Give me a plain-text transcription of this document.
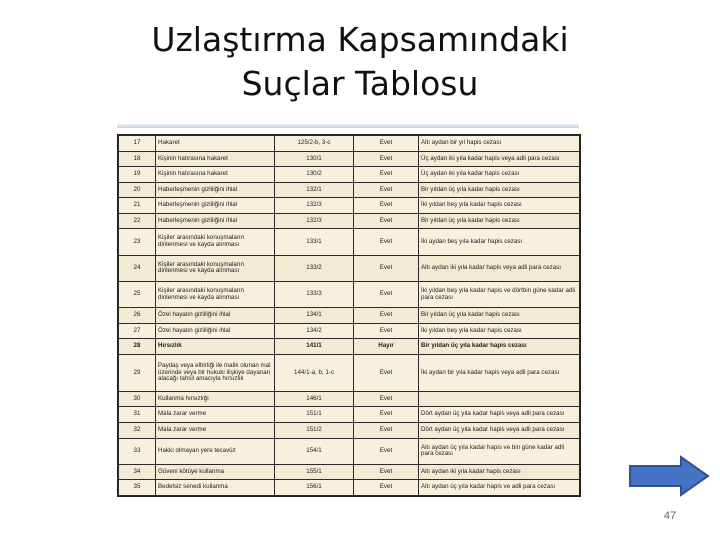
Uzlaştırma Kapsamındaki
Suçlar Tablosu
17	Hakaret	125/2-b, 3-c	Evet	Altı aydan bir yıl hapis cezası
18	Kişinin hatırasına hakaret	130/1	Evet	Üç aydan iki yıla kadar hapis veya adli para cezası
19	Kişinin hatırasına hakaret	130/2	Evet	Üç aydan iki yıla kadar hapis cezası
20	Haberleşmenin gizliliğini ihlal	132/1	Evet	Bir yıldan üç yıla kadar hapis cezası
21	Haberleşmenin gizliliğini ihlal	132/3	Evet	İki yıldan beş yıla kadar hapis cezası
22	Haberleşmenin gizliliğini ihlal	132/3	Evet	Bir yıldan üç yıla kadar hapis cezası
23	Kişiler arasındaki konuşmaların dinlenmesi ve kayda alınması	133/1	Evet	İki aydan beş yıla kadar hapis cezası
24	Kişiler arasındaki konuşmaların dinlenmesi ve kayda alınması	133/2	Evet	Altı aydan iki yıla kadar hapis veya adli para cezası
25	Kişiler arasındaki konuşmaların dinlenmesi ve kayda alınması	133/3	Evet	İki yıldan beş yıla kadar hapis ve dörtbin güne kadar adli para cezası
26	Özel hayatın gizliliğini ihlal	134/1	Evet	Bir yıldan üç yıla kadar hapis cezası
27	Özel hayatın gizliliğini ihlal	134/2	Evet	İki yıldan beş yıla kadar hapis cezası
28	Hırsızlık	141/1	Hayır	Bir yıldan üç yıla kadar hapis cezası
29	Paydaş veya elbirliği ile malik olunan mal üzerinde veya bir hukuki ilişkiye dayanan alacağı tahsil amacıyla hırsızlık	144/1-a, b, 1-c	Evet	İki aydan bir yıla kadar hapis veya adli para cezası
30	Kullanma hırsızlığı	146/1	Evet	
31	Mala zarar verme	151/1	Evet	Dört aydan üç yıla kadar hapis veya adli para cezası
32	Mala zarar verme	151/2	Evet	Dört aydan üç yıla kadar hapis veya adli para cezası
33	Hakkı olmayan yere tecavüz	154/1	Evet	Altı aydan üç yıla kadar hapis ve bin güne kadar adli para cezası
34	Güveni kötüye kullanma	155/1	Evet	Altı aydan iki yıla kadar hapis cezası
35	Bedelsiz senedi kullanma	156/1	Evet	Altı aydan üç yıla kadar hapis ve adli para cezası
47
